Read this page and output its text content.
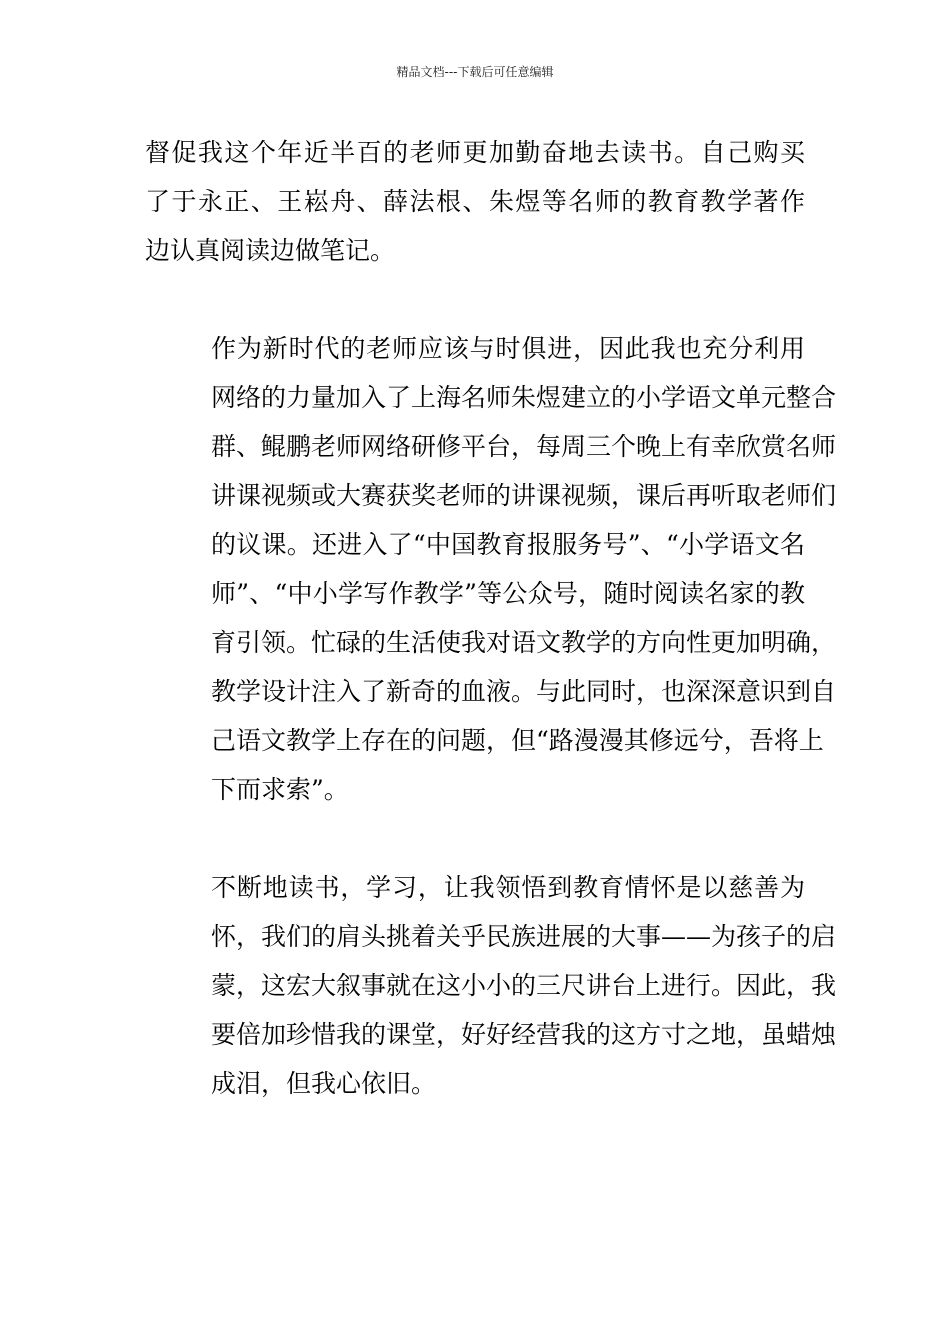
精品文档---下载后可任意编辑

督促我这个年近半百的老师更加勤奋地去读书。自己购买
了于永正、王崧舟、薛法根、朱煜等名师的教育教学著作
边认真阅读边做笔记。

作为新时代的老师应该与时俱进，因此我也充分利用
网络的力量加入了上海名师朱煜建立的小学语文单元整合
群、鲲鹏老师网络研修平台，每周三个晚上有幸欣赏名师
讲课视频或大赛获奖老师的讲课视频，课后再听取老师们
的议课。还进入了“中国教育报服务号”、“小学语文名
师”、“中小学写作教学”等公众号，随时阅读名家的教
育引领。忙碌的生活使我对语文教学的方向性更加明确，
教学设计注入了新奇的血液。与此同时，也深深意识到自
己语文教学上存在的问题，但“路漫漫其修远兮，吾将上
下而求索”。

不断地读书，学习，让我领悟到教育情怀是以慈善为
怀，我们的肩头挑着关乎民族进展的大事——为孩子的启
蒙，这宏大叙事就在这小小的三尺讲台上进行。因此，我
要倍加珍惜我的课堂，好好经营我的这方寸之地，虽蜡烛
成泪，但我心依旧。
